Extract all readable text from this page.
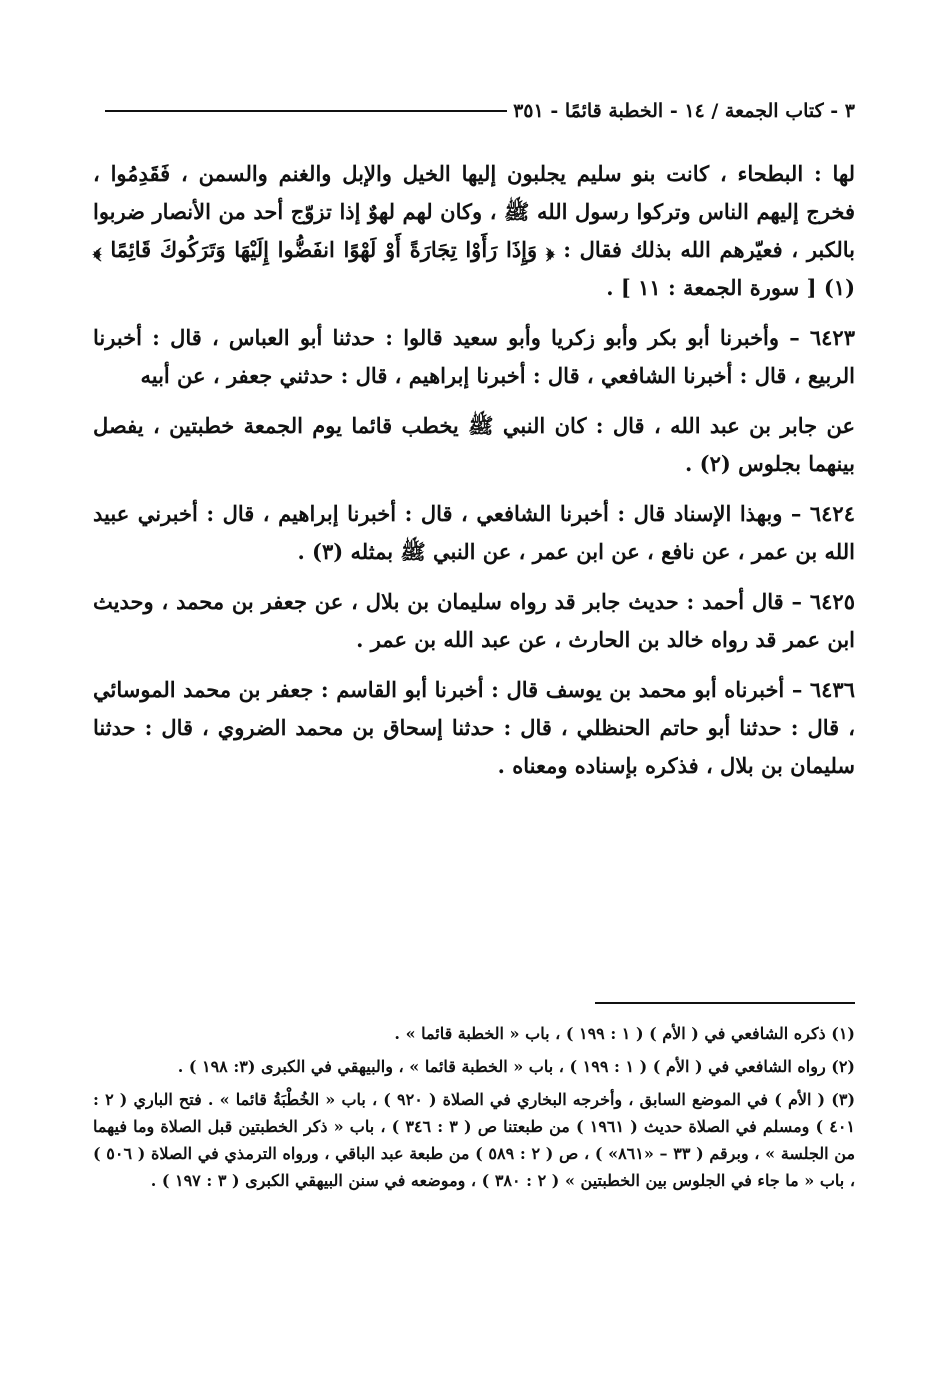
٣ - كتاب الجمعة / ١٤ - الخطبة قائمًا - ٣٥١

لها : البطحاء ، كانت بنو سليم يجلبون إليها الخيل والإبل والغنم والسمن ، فَقَدِمُوا ، فخرج إليهم الناس وتركوا رسول الله ﷺ ، وكان لهم لهوٌ إذا تزوّج أحد من الأنصار ضربوا بالكبر ، فعيّرهم الله بذلك فقال : ﴿ وَإِذَا رَأَوْا تِجَارَةً أَوْ لَهْوًا انفَضُّوا إِلَيْهَا وَتَرَكُوكَ قَائِمًا ﴾ (١) [ سورة الجمعة : ١١ ] .

٦٤٢٣ – وأخبرنا أبو بكر وأبو زكريا وأبو سعيد قالوا : حدثنا أبو العباس ، قال : أخبرنا الربيع ، قال : أخبرنا الشافعي ، قال : أخبرنا إبراهيم ، قال : حدثني جعفر ، عن أبيه

عن جابر بن عبد الله ، قال : كان النبي ﷺ يخطب قائما يوم الجمعة خطبتين ، يفصل بينهما بجلوس (٢) .

٦٤٢٤ – وبهذا الإسناد قال : أخبرنا الشافعي ، قال : أخبرنا إبراهيم ، قال : أخبرني عبيد الله بن عمر ، عن نافع ، عن ابن عمر ، عن النبي ﷺ بمثله (٣) .

٦٤٢٥ – قال أحمد : حديث جابر قد رواه سليمان بن بلال ، عن جعفر بن محمد ، وحديث ابن عمر قد رواه خالد بن الحارث ، عن عبد الله بن عمر .

٦٤٣٦ – أخبرناه أبو محمد بن يوسف قال : أخبرنا أبو القاسم : جعفر بن محمد الموسائي ، قال : حدثنا أبو حاتم الحنظلي ، قال : حدثنا إسحاق بن محمد الضروي ، قال : حدثنا سليمان بن بلال ، فذكره بإسناده ومعناه .

(١) ذكره الشافعي في ( الأم ) ( ١ : ١٩٩ ) ، باب « الخطبة قائما » .

(٢) رواه الشافعي في ( الأم ) ( ١ : ١٩٩ ) ، باب « الخطبة قائما » ، والبيهقي في الكبرى (٣: ١٩٨ ) .

(٣) ( الأم ) في الموضع السابق ، وأخرجه البخاري في الصلاة ( ٩٢٠ ) ، باب « الخُطْبَةُ قائما » . فتح الباري ( ٢ : ٤٠١ ) ومسلم في الصلاة حديث ( ١٩٦١ ) من طبعتنا ص ( ٣ : ٣٤٦ ) ، باب « ذكر الخطبتين قبل الصلاة وما فيهما من الجلسة » ، وبرقم ( ٣٣ – «٨٦١» ) ، ص ( ٢ : ٥٨٩ ) من طبعة عبد الباقي ، ورواه الترمذي في الصلاة ( ٥٠٦ ) ، باب « ما جاء في الجلوس بين الخطبتين » ( ٢ : ٣٨٠ ) ، وموضعه في سنن البيهقي الكبرى ( ٣ : ١٩٧ ) .
